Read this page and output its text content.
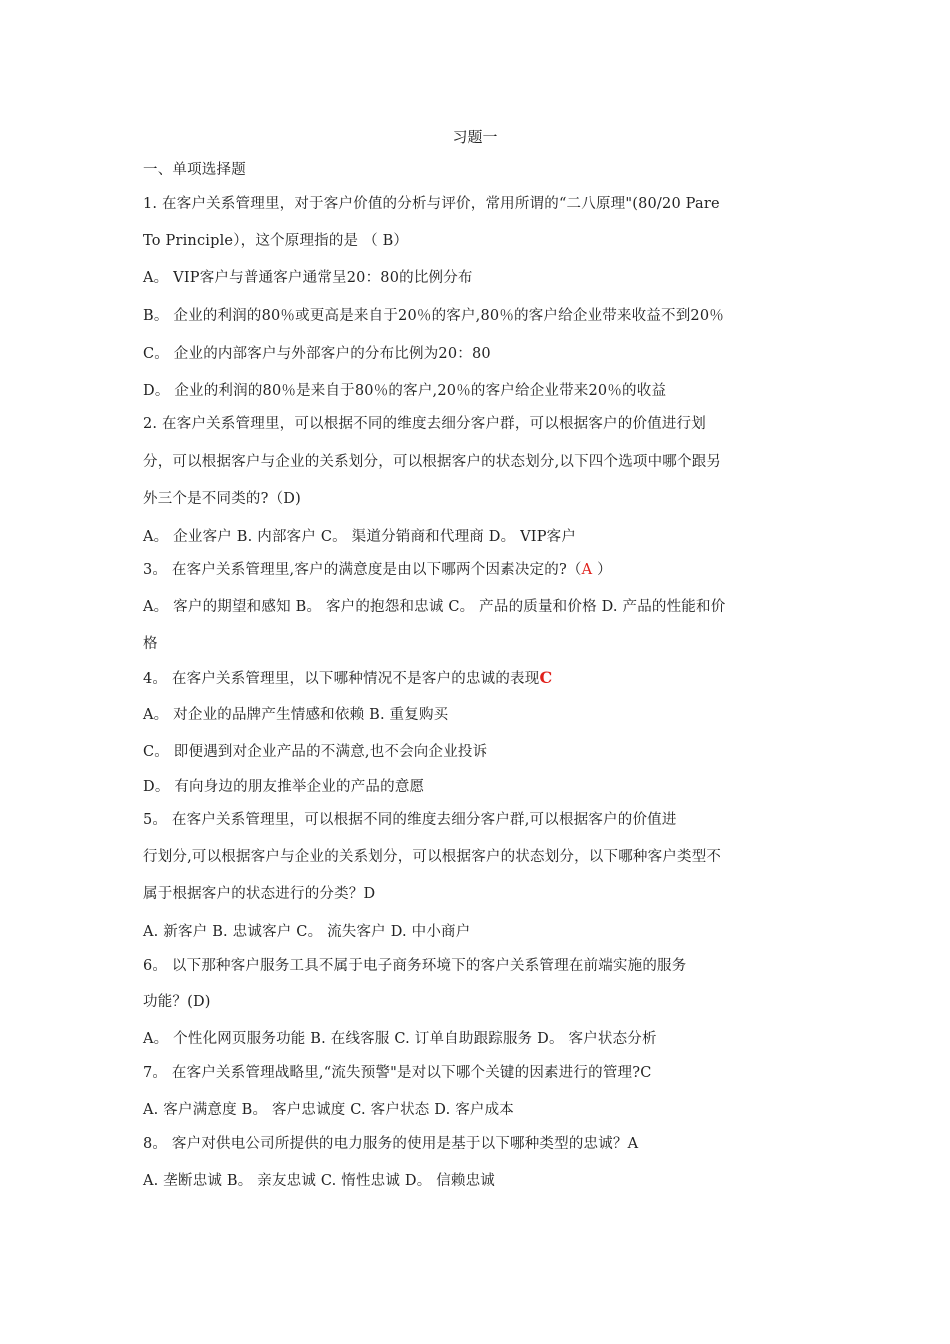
习题一
一、单项选择题
1. 在客户关系管理里，对于客户价值的分析与评价，常用所谓的“二八原理"(80/20 Pare
To Principle），这个原理指的是 （ B）
A。 VIP客户与普通客户通常呈20：80的比例分布
B。 企业的利润的80％或更高是来自于20％的客户,80％的客户给企业带来收益不到20％
C。 企业的内部客户与外部客户的分布比例为20：80
D。 企业的利润的80％是来自于80％的客户,20％的客户给企业带来20％的收益
2. 在客户关系管理里，可以根据不同的维度去细分客户群，可以根据客户的价值进行划
分，可以根据客户与企业的关系划分，可以根据客户的状态划分,以下四个选项中哪个跟另
外三个是不同类的?（D)
A。 企业客户 B. 内部客户 C。 渠道分销商和代理商 D。 VIP客户
3。 在客户关系管理里,客户的满意度是由以下哪两个因素决定的?（A ）
A。 客户的期望和感知 B。 客户的抱怨和忠诚 C。 产品的质量和价格 D. 产品的性能和价
格
4。 在客户关系管理里，以下哪种情况不是客户的忠诚的表现C
A。 对企业的品牌产生情感和依赖 B. 重复购买
C。 即便遇到对企业产品的不满意,也不会向企业投诉
D。 有向身边的朋友推举企业的产品的意愿
5。 在客户关系管理里，可以根据不同的维度去细分客户群,可以根据客户的价值进
行划分,可以根据客户与企业的关系划分，可以根据客户的状态划分，以下哪种客户类型不
属于根据客户的状态进行的分类？D
A. 新客户 B. 忠诚客户 C。 流失客户 D. 中小商户
6。 以下那种客户服务工具不属于电子商务环境下的客户关系管理在前端实施的服务
功能？(D)
A。 个性化网页服务功能 B. 在线客服 C. 订单自助跟踪服务 D。 客户状态分析
7。 在客户关系管理战略里,“流失预警"是对以下哪个关键的因素进行的管理?C
A. 客户满意度 B。 客户忠诚度 C. 客户状态 D. 客户成本
8。 客户对供电公司所提供的电力服务的使用是基于以下哪种类型的忠诚？A
A. 垄断忠诚 B。 亲友忠诚 C. 惰性忠诚 D。 信赖忠诚
